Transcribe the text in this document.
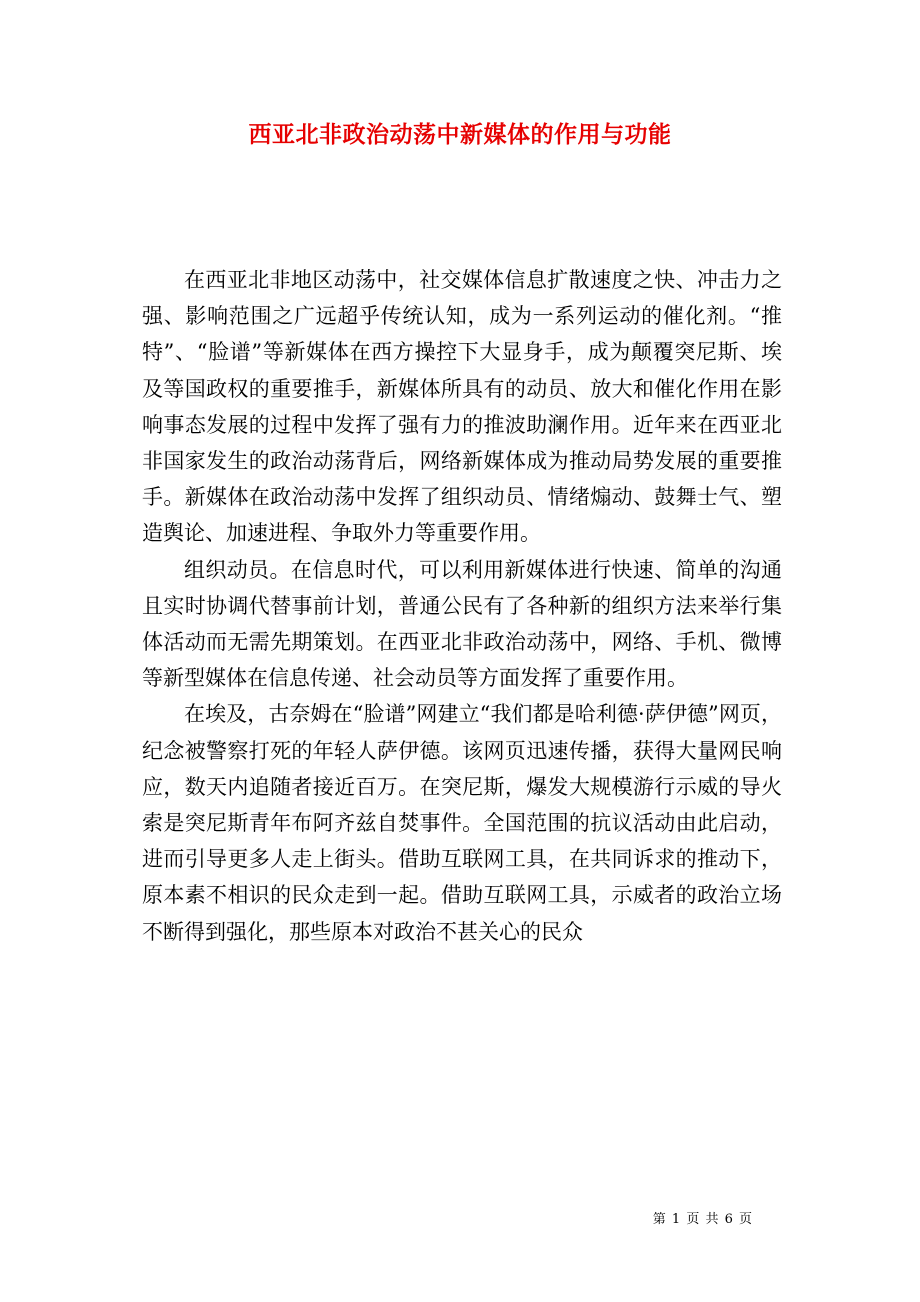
西亚北非政治动荡中新媒体的作用与功能

在西亚北非地区动荡中，社交媒体信息扩散速度之快、冲击力之强、影响范围之广远超乎传统认知，成为一系列运动的催化剂。“推特”、“脸谱”等新媒体在西方操控下大显身手，成为颠覆突尼斯、埃及等国政权的重要推手，新媒体所具有的动员、放大和催化作用在影响事态发展的过程中发挥了强有力的推波助澜作用。近年来在西亚北非国家发生的政治动荡背后，网络新媒体成为推动局势发展的重要推手。新媒体在政治动荡中发挥了组织动员、情绪煽动、鼓舞士气、塑造舆论、加速进程、争取外力等重要作用。

组织动员。在信息时代，可以利用新媒体进行快速、简单的沟通且实时协调代替事前计划，普通公民有了各种新的组织方法来举行集体活动而无需先期策划。在西亚北非政治动荡中，网络、手机、微博等新型媒体在信息传递、社会动员等方面发挥了重要作用。

在埃及，古奈姆在“脸谱”网建立“我们都是哈利德·萨伊德”网页，纪念被警察打死的年轻人萨伊德。该网页迅速传播，获得大量网民响应，数天内追随者接近百万。在突尼斯，爆发大规模游行示威的导火索是突尼斯青年布阿齐兹自焚事件。全国范围的抗议活动由此启动，进而引导更多人走上街头。借助互联网工具，在共同诉求的推动下，原本素不相识的民众走到一起。借助互联网工具，示威者的政治立场不断得到强化，那些原本对政治不甚关心的民众

第 1 页 共 6 页
